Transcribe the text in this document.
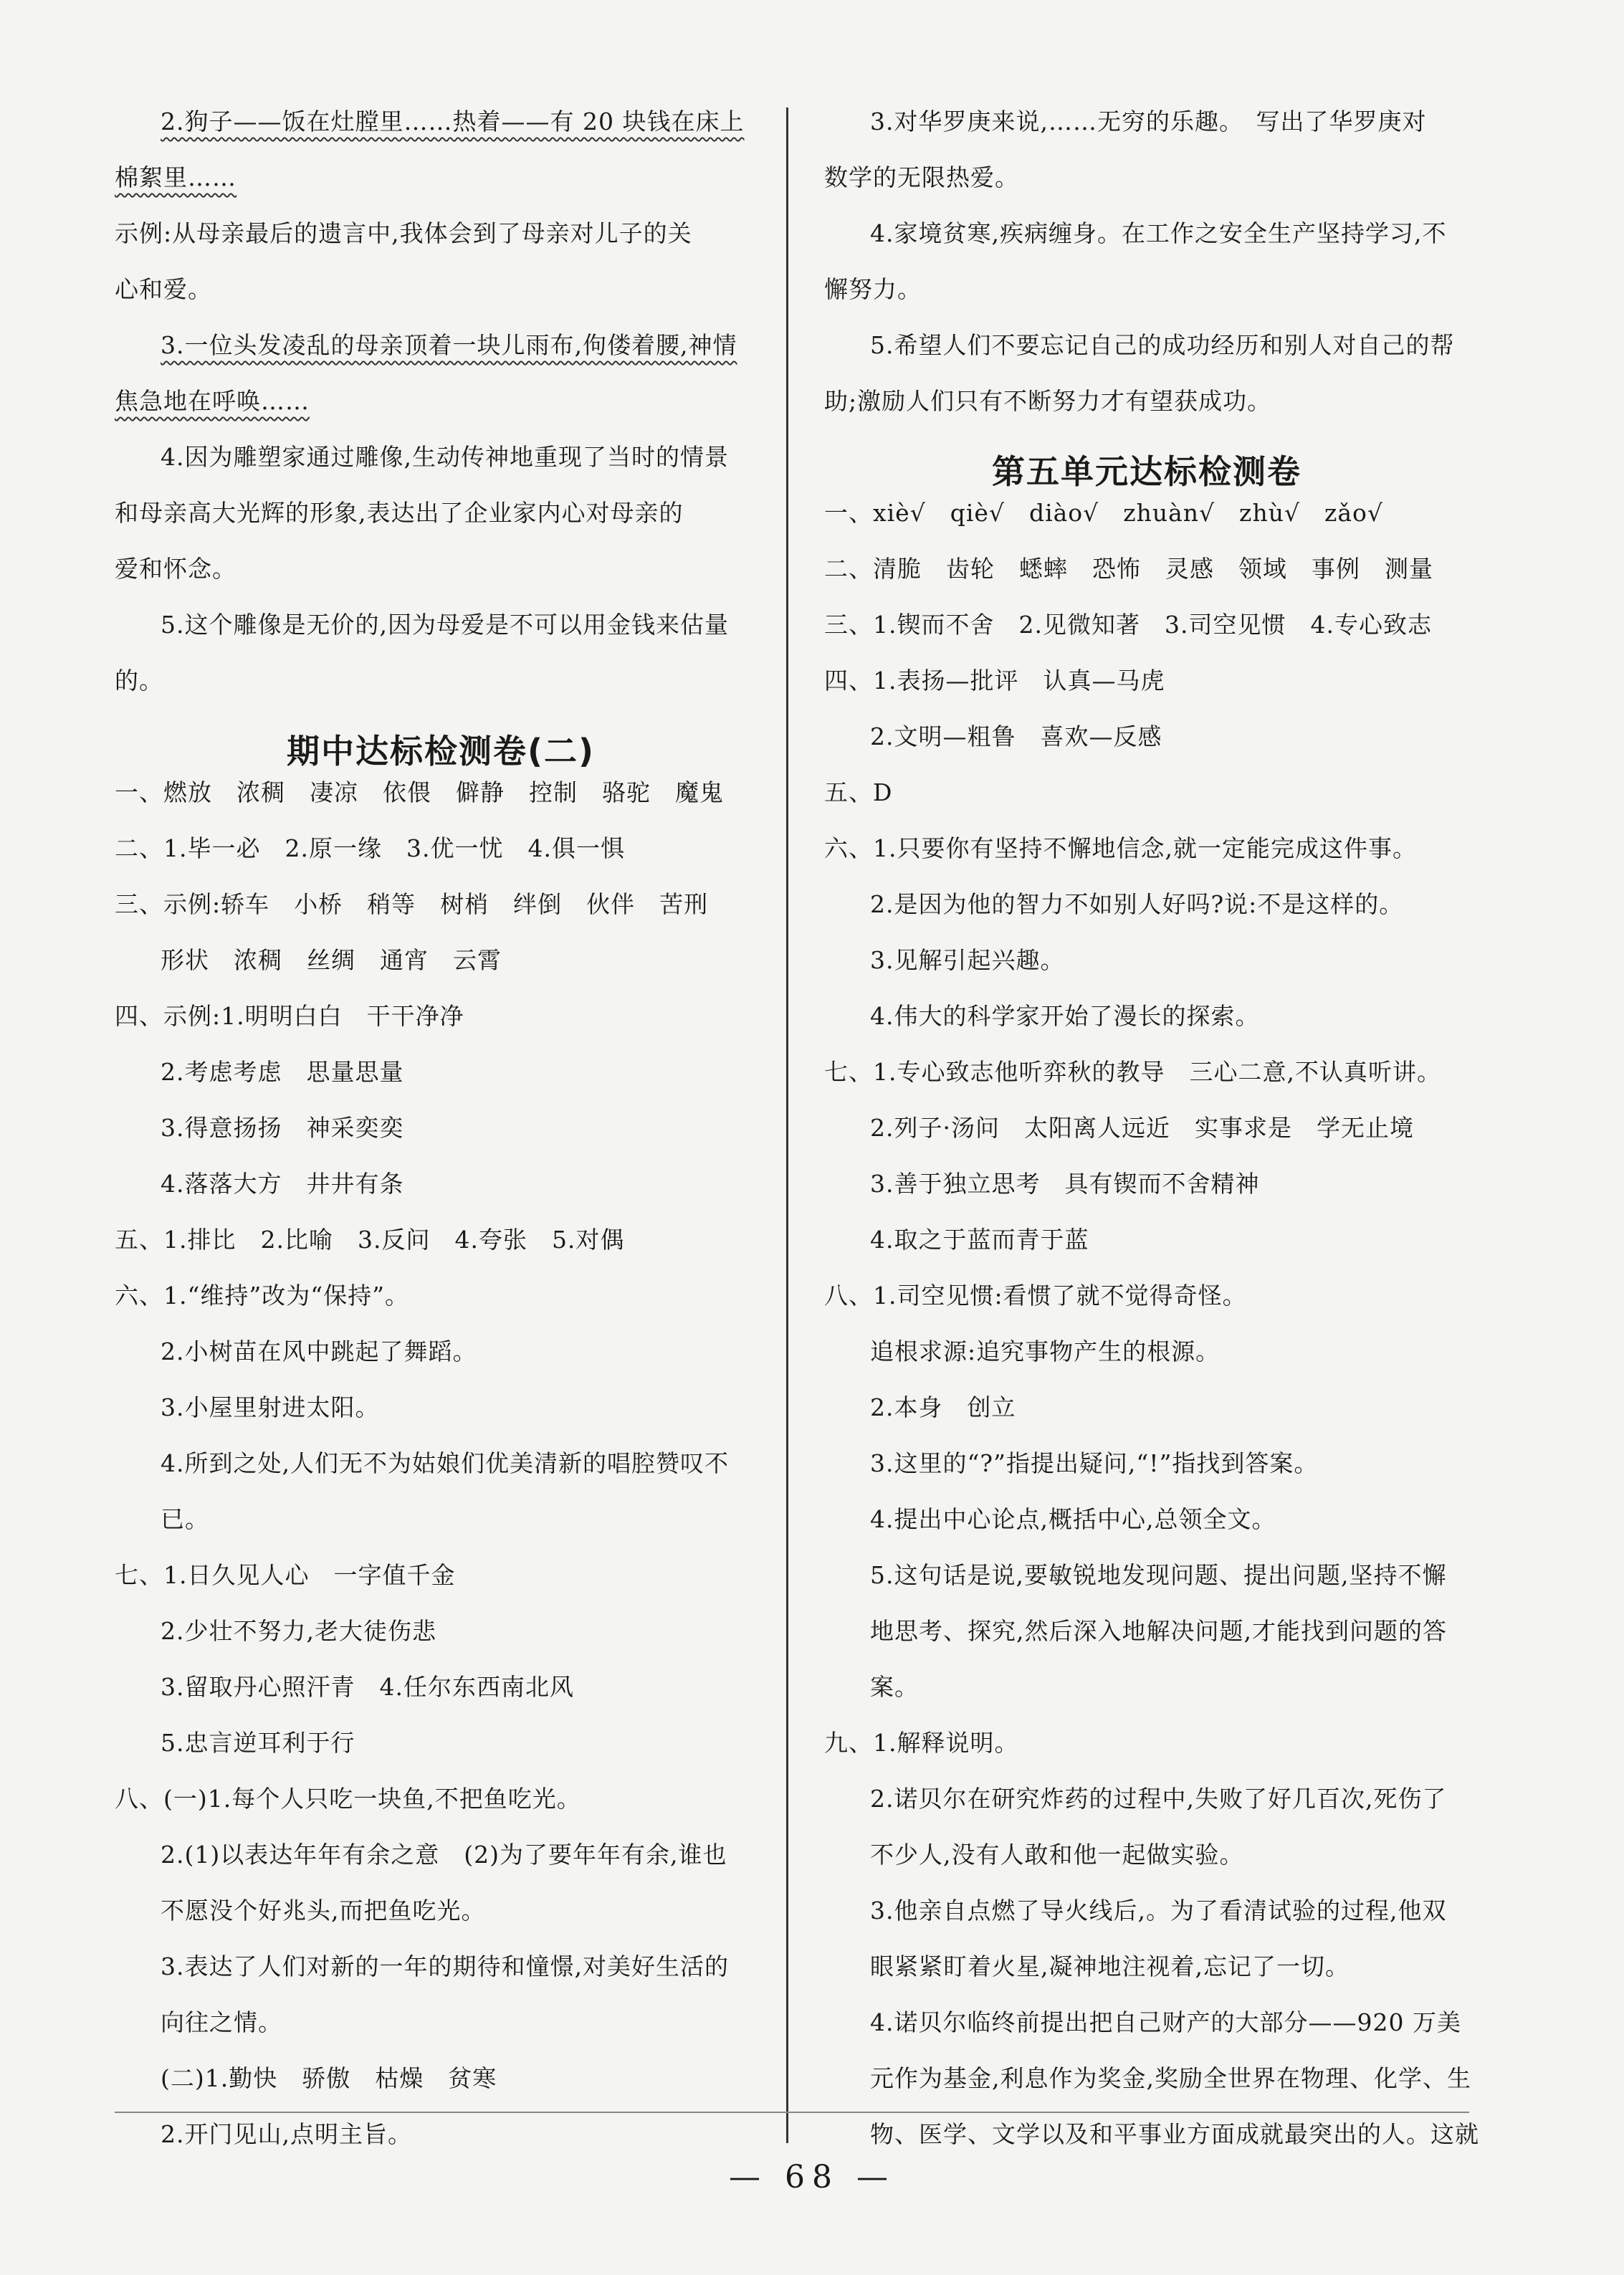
2.狗子——饭在灶膛里……热着——有 20 块钱在床上
棉絮里……
示例:从母亲最后的遗言中,我体会到了母亲对儿子的关
心和爱。
3.一位头发凌乱的母亲顶着一块儿雨布,佝偻着腰,神情
焦急地在呼唤……
4.因为雕塑家通过雕像,生动传神地重现了当时的情景
和母亲高大光辉的形象,表达出了企业家内心对母亲的
爱和怀念。
5.这个雕像是无价的,因为母爱是不可以用金钱来估量
的。
期中达标检测卷(二)
一、燃放　浓稠　凄凉　依偎　僻静　控制　骆驼　魔鬼
二、1.毕一必　2.原一缘　3.优一忧　4.俱一惧
三、示例:轿车　小桥　稍等　树梢　绊倒　伙伴　苦刑
形状　浓稠　丝绸　通宵　云霄
四、示例:1.明明白白　干干净净
2.考虑考虑　思量思量
3.得意扬扬　神采奕奕
4.落落大方　井井有条
五、1.排比　2.比喻　3.反问　4.夸张　5.对偶
六、1.“维持”改为“保持”。
2.小树苗在风中跳起了舞蹈。
3.小屋里射进太阳。
4.所到之处,人们无不为姑娘们优美清新的唱腔赞叹不
已。
七、1.日久见人心　一字值千金
2.少壮不努力,老大徒伤悲
3.留取丹心照汗青　4.任尔东西南北风
5.忠言逆耳利于行
八、(一)1.每个人只吃一块鱼,不把鱼吃光。
2.(1)以表达年年有余之意　(2)为了要年年有余,谁也
不愿没个好兆头,而把鱼吃光。
3.表达了人们对新的一年的期待和憧憬,对美好生活的
向往之情。
(二)1.勤快　骄傲　枯燥　贫寒
2.开门见山,点明主旨。
3.对华罗庚来说,……无穷的乐趣。　写出了华罗庚对
数学的无限热爱。
4.家境贫寒,疾病缠身。在工作之安全生产坚持学习,不
懈努力。
5.希望人们不要忘记自己的成功经历和别人对自己的帮
助;激励人们只有不断努力才有望获成功。
第五单元达标检测卷
一、xiè√　qiè√　diào√　zhuàn√　zhù√　zǎo√
二、清脆　齿轮　蟋蟀　恐怖　灵感　领域　事例　测量
三、1.锲而不舍　2.见微知著　3.司空见惯　4.专心致志
四、1.表扬—批评　认真—马虎
2.文明—粗鲁　喜欢—反感
五、D
六、1.只要你有坚持不懈地信念,就一定能完成这件事。
2.是因为他的智力不如别人好吗?说:不是这样的。
3.见解引起兴趣。
4.伟大的科学家开始了漫长的探索。
七、1.专心致志他听弈秋的教导　三心二意,不认真听讲。
2.列子·汤问　太阳离人远近　实事求是　学无止境
3.善于独立思考　具有锲而不舍精神
4.取之于蓝而青于蓝
八、1.司空见惯:看惯了就不觉得奇怪。
追根求源:追究事物产生的根源。
2.本身　创立
3.这里的“?”指提出疑问,“!”指找到答案。
4.提出中心论点,概括中心,总领全文。
5.这句话是说,要敏锐地发现问题、提出问题,坚持不懈
地思考、探究,然后深入地解决问题,才能找到问题的答
案。
九、1.解释说明。
2.诺贝尔在研究炸药的过程中,失败了好几百次,死伤了
不少人,没有人敢和他一起做实验。
3.他亲自点燃了导火线后,。为了看清试验的过程,他双
眼紧紧盯着火星,凝神地注视着,忘记了一切。
4.诺贝尔临终前提出把自己财产的大部分——920 万美
元作为基金,利息作为奖金,奖励全世界在物理、化学、生
物、医学、文学以及和平事业方面成就最突出的人。这就
— 68 —
